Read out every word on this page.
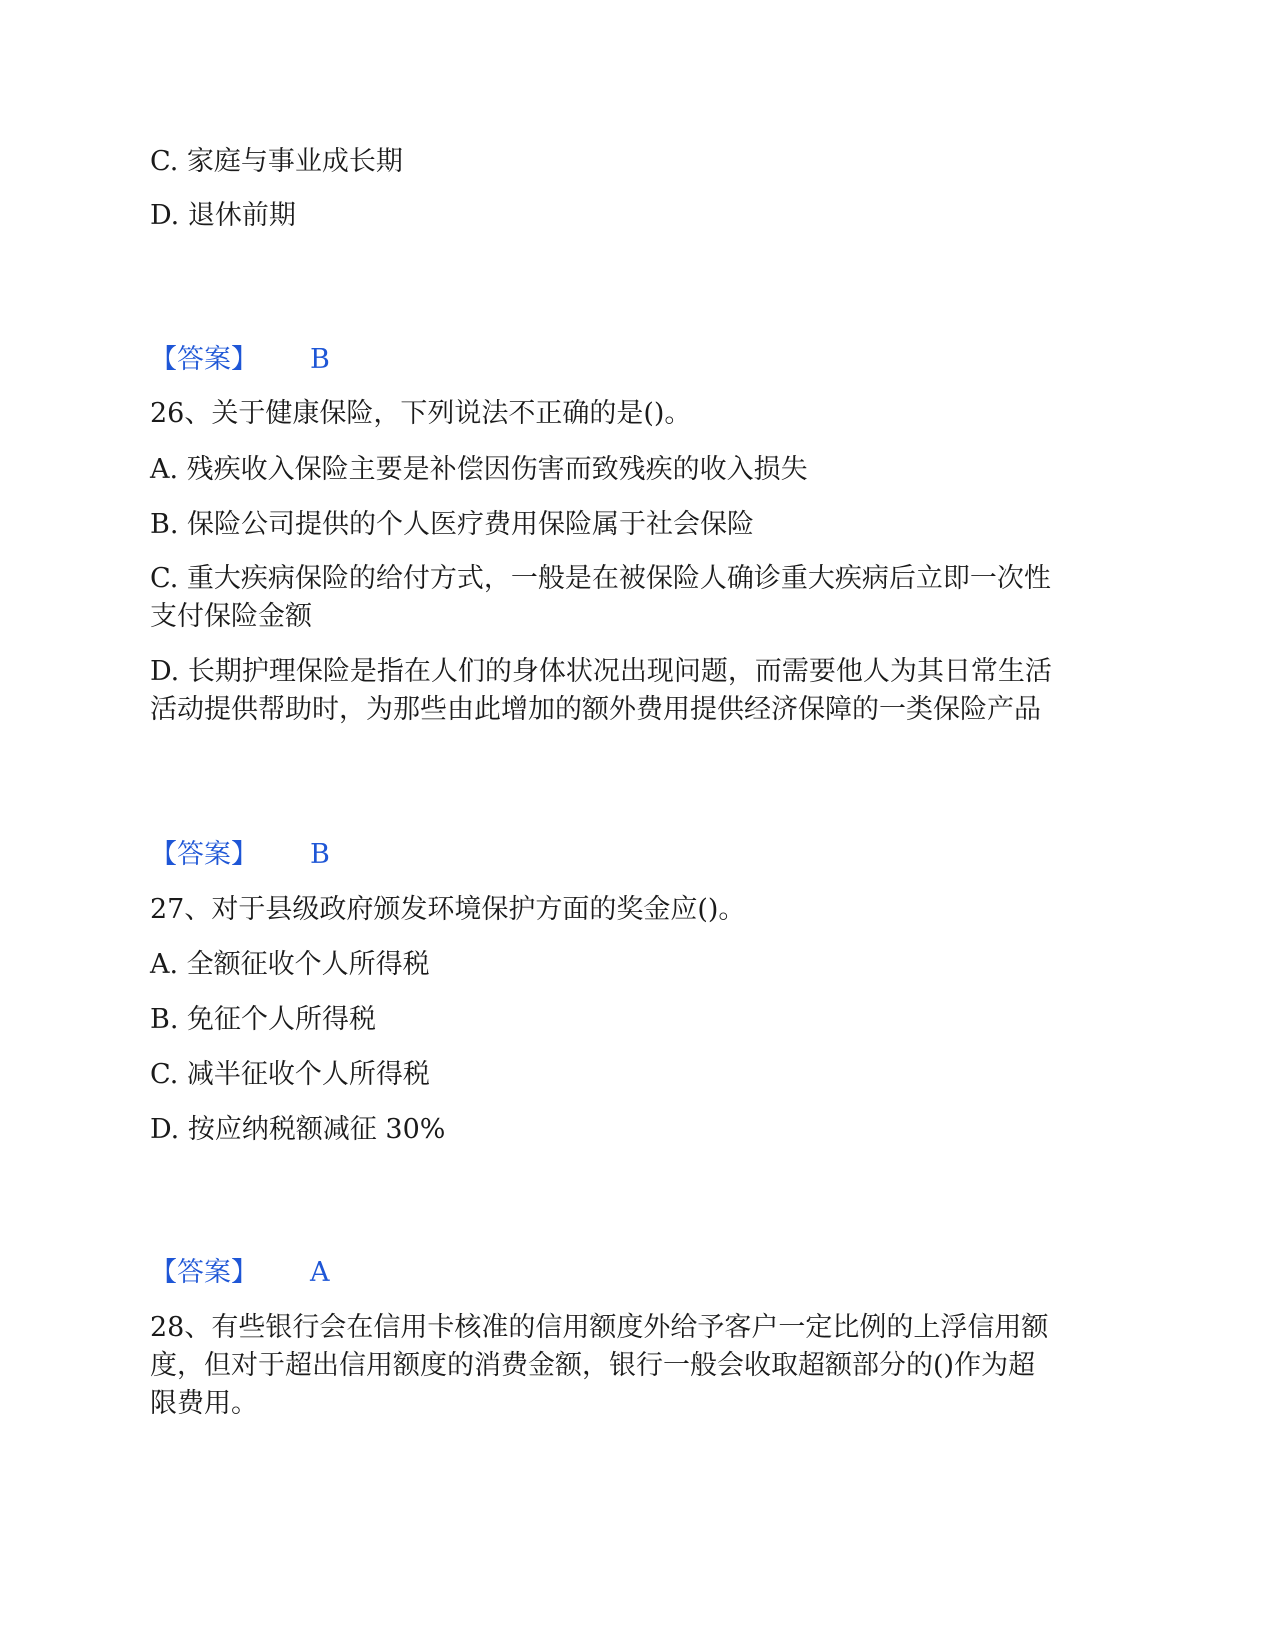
C. 家庭与事业成长期
D. 退休前期
【答案】 B
26、关于健康保险，下列说法不正确的是()。
A. 残疾收入保险主要是补偿因伤害而致残疾的收入损失
B. 保险公司提供的个人医疗费用保险属于社会保险
C. 重大疾病保险的给付方式，一般是在被保险人确诊重大疾病后立即一次性
支付保险金额
D. 长期护理保险是指在人们的身体状况出现问题，而需要他人为其日常生活
活动提供帮助时，为那些由此增加的额外费用提供经济保障的一类保险产品
【答案】 B
27、对于县级政府颁发环境保护方面的奖金应()。
A. 全额征收个人所得税
B. 免征个人所得税
C. 减半征收个人所得税
D. 按应纳税额减征 30%
【答案】 A
28、有些银行会在信用卡核准的信用额度外给予客户一定比例的上浮信用额
度，但对于超出信用额度的消费金额，银行一般会收取超额部分的()作为超
限费用。
